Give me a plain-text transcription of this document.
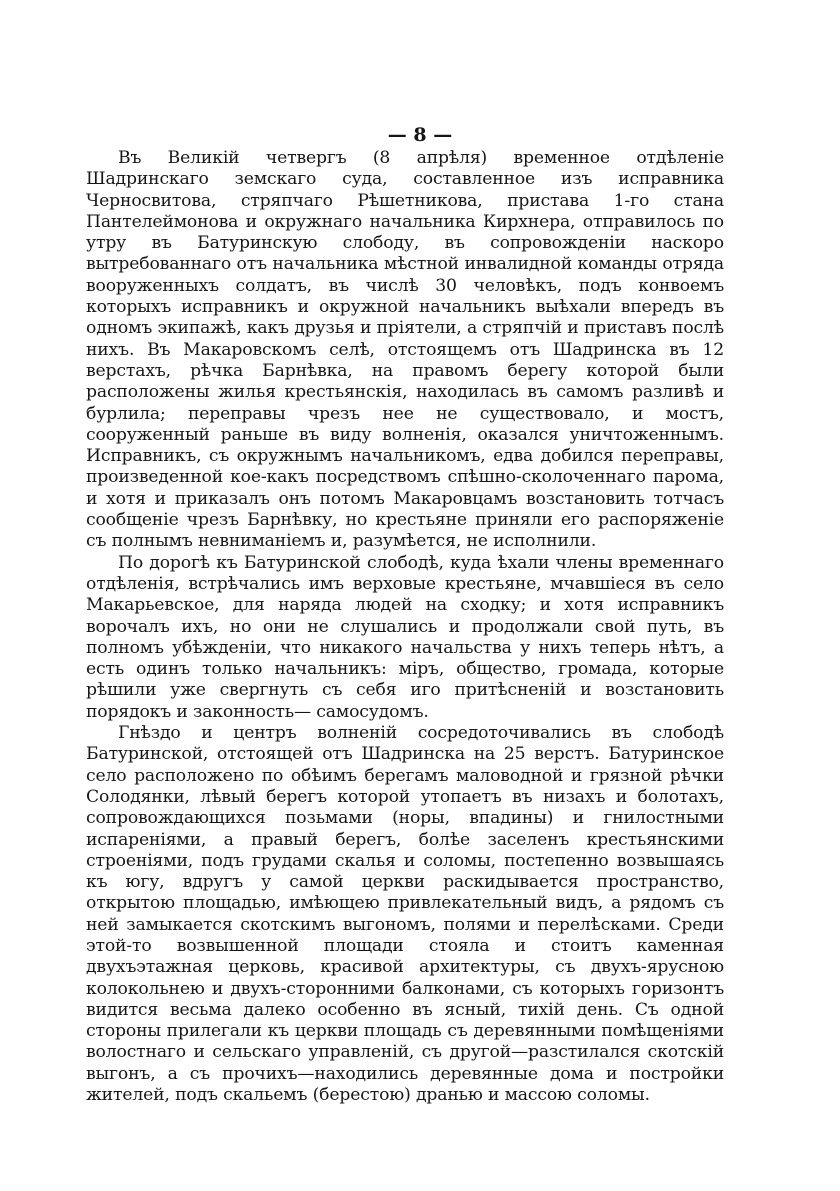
— 8 —

Въ Великій четвергъ (8 апрѣля) временное отдѣленіе Шадринскаго земскаго суда, составленное изъ исправника Черносвитова, стряпчаго Рѣшетникова, пристава 1-го стана Пантелеймонова и окружнаго начальника Кирхнера, отправилось по утру въ Батуринскую слободу, въ сопровожденіи наскоро вытребованнаго отъ начальника мѣстной инвалидной команды отряда вооруженныхъ солдатъ, въ числѣ 30 человѣкъ, подъ конвоемъ которыхъ исправникъ и окружной начальникъ выѣхали впередъ въ одномъ экипажѣ, какъ друзья и пріятели, а стряпчій и приставъ послѣ нихъ. Въ Макаровскомъ селѣ, отстоящемъ отъ Шадринска въ 12 верстахъ, рѣчка Барнѣвка, на правомъ берегу которой были расположены жилья крестьянскія, находилась въ самомъ разливѣ и бурлила; переправы чрезъ нее не существовало, и мостъ, сооруженный раньше въ виду волненія, оказался уничтоженнымъ. Исправникъ, съ окружнымъ начальникомъ, едва добился переправы, произведенной кое-какъ посредствомъ спѣшно-сколоченнаго парома, и хотя и приказалъ онъ потомъ Макаровцамъ возстановить тотчасъ сообщеніе чрезъ Барнѣвку, но крестьяне приняли его распоряженіе съ полнымъ невниманіемъ и, разумѣется, не исполнили.

По дорогѣ къ Батуринской слободѣ, куда ѣхали члены временнаго отдѣленія, встрѣчались имъ верховые крестьяне, мчавшіеся въ село Макарьевское, для наряда людей на сходку; и хотя исправникъ ворочалъ ихъ, но они не слушались и продолжали свой путь, въ полномъ убѣжденіи, что никакого начальства у нихъ теперь нѣтъ, а есть одинъ только начальникъ: міръ, общество, громада, которые рѣшили уже свергнуть съ себя иго притѣсненій и возстановить порядокъ и законность— самосудомъ.

Гнѣздо и центръ волненій сосредоточивались въ слободѣ Батуринской, отстоящей отъ Шадринска на 25 верстъ. Батуринское село расположено по обѣимъ берегамъ маловодной и грязной рѣчки Солодянки, лѣвый берегъ которой утопаетъ въ низахъ и болотахъ, сопровождающихся позьмами (норы, впадины) и гнилостными испареніями, а правый берегъ, болѣе заселенъ крестьянскими строеніями, подъ грудами скалья и соломы, постепенно возвышаясь къ югу, вдругъ у самой церкви раскидывается пространство, открытою площадью, имѣющею привлекательный видъ, а рядомъ съ ней замыкается скотскимъ выгономъ, полями и перелѣсками. Среди этой-то возвышенной площади стояла и стоитъ каменная двухъэтажная церковь, красивой архитектуры, съ двухъ-ярусною колокольнею и двухъ-сторонними балконами, съ которыхъ горизонтъ видится весьма далеко особенно въ ясный, тихій день. Съ одной стороны прилегали къ церкви площадь съ деревянными помѣщеніями волостнаго и сельскаго управленій, съ другой—разстилался скотскій выгонъ, а съ прочихъ—находились деревянные дома и постройки жителей, подъ скальемъ (берестою) дранью и массою соломы.
